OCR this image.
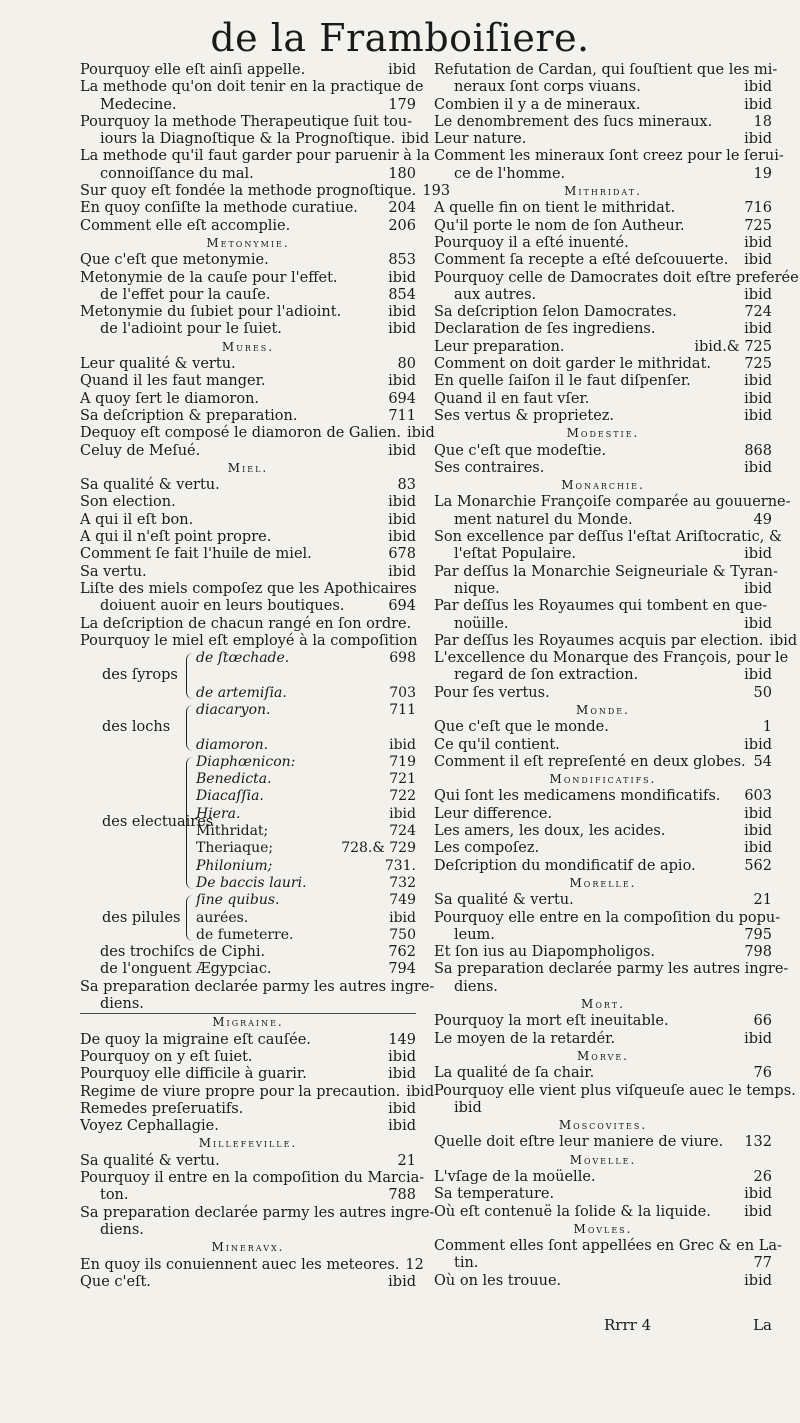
de la Framboiſiere.
Pourquoy elle eſt ainſi appelle.	ibid
La methode qu'on doit tenir en la practique de
Medecine.	179
Pourquoy la methode Therapeutique ſuit tou-
iours la Diagnoſtique & la Prognoſtique. ibid
La methode qu'il faut garder pour paruenir à la
connoiſſance du mal.	180
Sur quoy eſt fondée la methode prognoſtique. 193
En quoy conſiſte la methode curatiue.	204
Comment elle eſt accomplie.	206
Metonymie.
Que c'eſt que metonymie.	853
Metonymie de la cauſe pour l'effet.	ibid
de l'effet pour la cauſe.	854
Metonymie du ſubiet pour l'adioint.	ibid
de l'adioint pour le ſuiet.	ibid
Mures.
Leur qualité & vertu.	80
Quand il les faut manger.	ibid
A quoy ſert le diamoron.	694
Sa deſcription & preparation.	711
Dequoy eſt composé le diamoron de Galien. ibid
Celuy de Meſué.	ibid
Miel.
Sa qualité & vertu.	83
Son election.	ibid
A qui il eſt bon.	ibid
A qui il n'eſt point propre.	ibid
Comment ſe fait l'huile de miel.	678
Sa vertu.	ibid
Liſte des miels compoſez que les Apothicaires
doiuent auoir en leurs boutiques.	694
La deſcription de chacun rangé en ſon ordre.
Pourquoy le miel eſt employé à la compoſition
des ſyrops
de ſtœchade.	698
de artemiſia.	703
des lochs
diacaryon.	711
diamoron.	ibid
des electuaires
Diaphœnicon:	719
Benedicta.	721
Diacaſſia.	722
Hiera.	ibid
Mithridat;	724
Theriaque;	728.& 729
Philonium;	731.
De baccis lauri.	732
des pilules
ſine quibus.	749
aurées.	ibid
de fumeterre.	750
des trochiſcs de Ciphi.	762
de l'onguent Ægypciac.	794
Sa preparation declarée parmy les autres ingre-
diens.
Migraine.
De quoy la migraine eſt cauſée.	149
Pourquoy on y eſt ſuiet.	ibid
Pourquoy elle difficile à guarir.	ibid
Regime de viure propre pour la precaution. ibid
Remedes preſeruatifs.	ibid
Voyez Cephallagie.	ibid
Millefeville.
Sa qualité & vertu.	21
Pourquoy il entre en la compoſition du Marcia-
ton.	788
Sa preparation declarée parmy les autres ingre-
diens.
Mineravx.
En quoy ils conuiennent auec les meteores. 12
Que c'eſt.	ibid
Refutation de Cardan, qui ſouſtient que les mi-
neraux ſont corps viuans.	ibid
Combien il y a de mineraux.	ibid
Le denombrement des ſucs mineraux.	18
Leur nature.	ibid
Comment les mineraux ſont creez pour le ſerui-
ce de l'homme.	19
Mithridat.
A quelle fin on tient le mithridat.	716
Qu'il porte le nom de ſon Autheur.	725
Pourquoy il a eſté inuenté.	ibid
Comment ſa recepte a eſté deſcouuerte.	ibid
Pourquoy celle de Damocrates doit eſtre preferée
aux autres.	ibid
Sa deſcription ſelon Damocrates.	724
Declaration de ſes ingrediens.	ibid
Leur preparation.	ibid.& 725
Comment on doit garder le mithridat.	725
En quelle ſaiſon il le faut diſpenſer.	ibid
Quand il en faut vſer.	ibid
Ses vertus & proprietez.	ibid
Modestie.
Que c'eſt que modeſtie.	868
Ses contraires.	ibid
Monarchie.
La Monarchie Françoiſe comparée au gouuerne-
ment naturel du Monde.	49
Son excellence par deſſus l'eſtat Ariſtocratic, &
l'eſtat Populaire.	ibid
Par deſſus la Monarchie Seigneuriale & Tyran-
nique.	ibid
Par deſſus les Royaumes qui tombent en que-
noüille.	ibid
Par deſſus les Royaumes acquis par election. ibid
L'excellence du Monarque des François, pour le
regard de ſon extraction.	ibid
Pour ſes vertus.	50
Monde.
Que c'eſt que le monde.	1
Ce qu'il contient.	ibid
Comment il eſt repreſenté en deux globes. 54
Mondificatifs.
Qui ſont les medicamens mondificatifs.	603
Leur difference.	ibid
Les amers, les doux, les acides.	ibid
Les compoſez.	ibid
Deſcription du mondificatif de apio.	562
Morelle.
Sa qualité & vertu.	21
Pourquoy elle entre en la compoſition du popu-
leum.	795
Et ſon ius au Diapompholigos.	798
Sa preparation declarée parmy les autres ingre-
diens.
Mort.
Pourquoy la mort eſt ineuitable.	66
Le moyen de la retardér.	ibid
Morve.
La qualité de ſa chair.	76
Pourquoy elle vient plus viſqueuſe auec le temps.
ibid
Moscovites.
Quelle doit eſtre leur maniere de viure.	132
Movelle.
L'vſage de la moüelle.	26
Sa temperature.	ibid
Où eſt contenuë la ſolide & la liquide.	ibid
Movles.
Comment elles ſont appellées en Grec & en La-
tin.	77
Où on les trouue.	ibid
Rrrr 4	La
